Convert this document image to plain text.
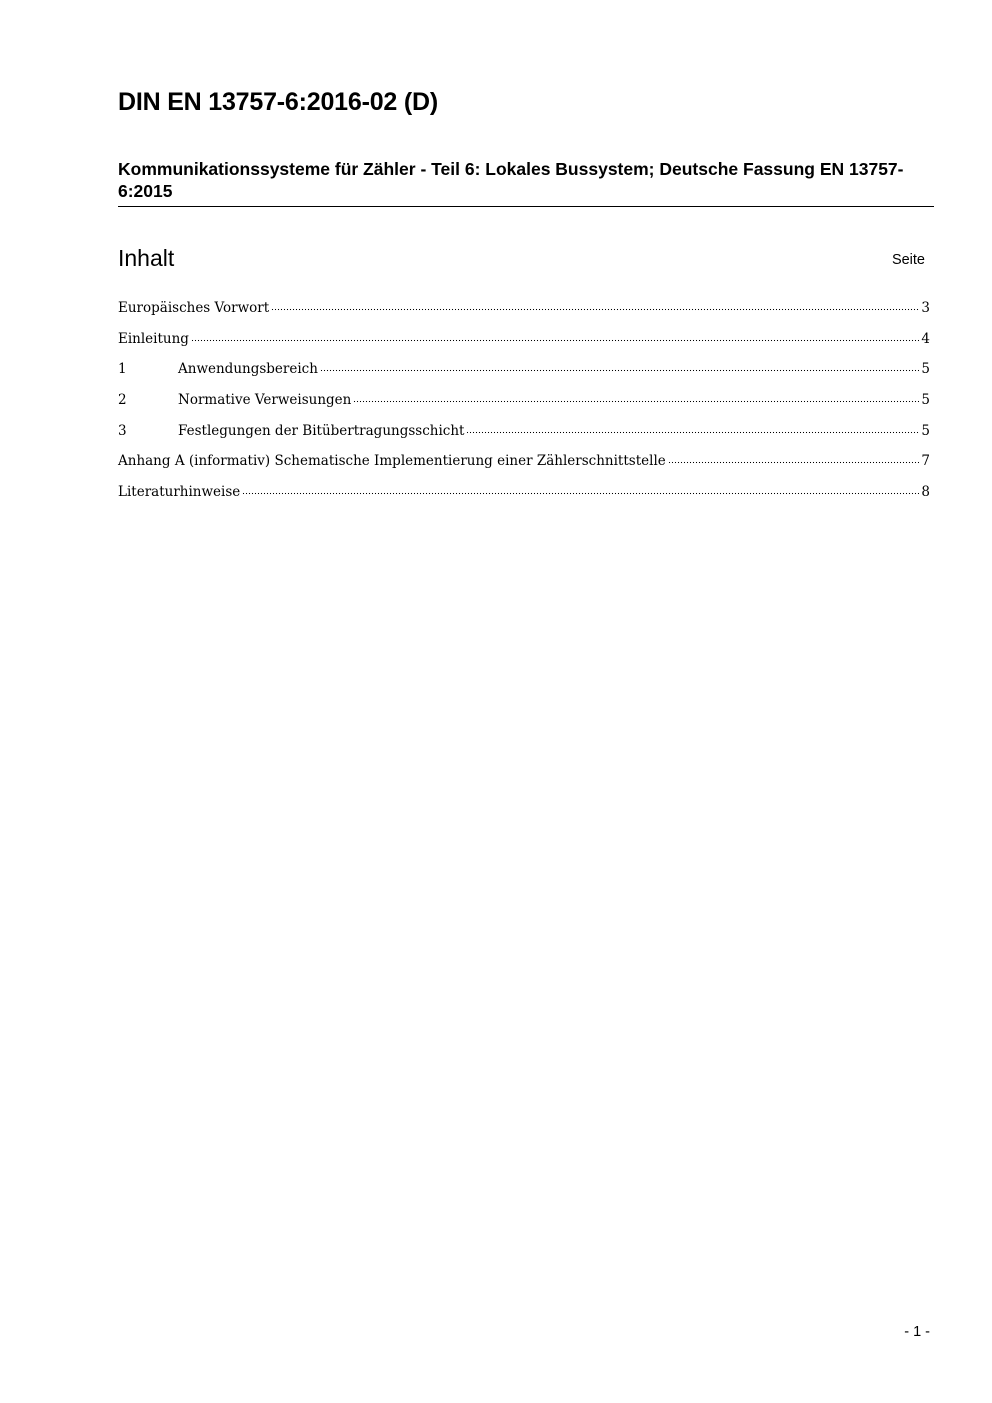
DIN EN 13757-6:2016-02 (D)
Kommunikationssysteme für Zähler - Teil 6: Lokales Bussystem; Deutsche Fassung EN 13757-6:2015
Inhalt	Seite
Europäisches Vorwort	3
Einleitung	4
1	Anwendungsbereich	5
2	Normative Verweisungen	5
3	Festlegungen der Bitübertragungsschicht	5
Anhang A (informativ) Schematische Implementierung einer Zählerschnittstelle	7
Literaturhinweise	8
- 1 -
